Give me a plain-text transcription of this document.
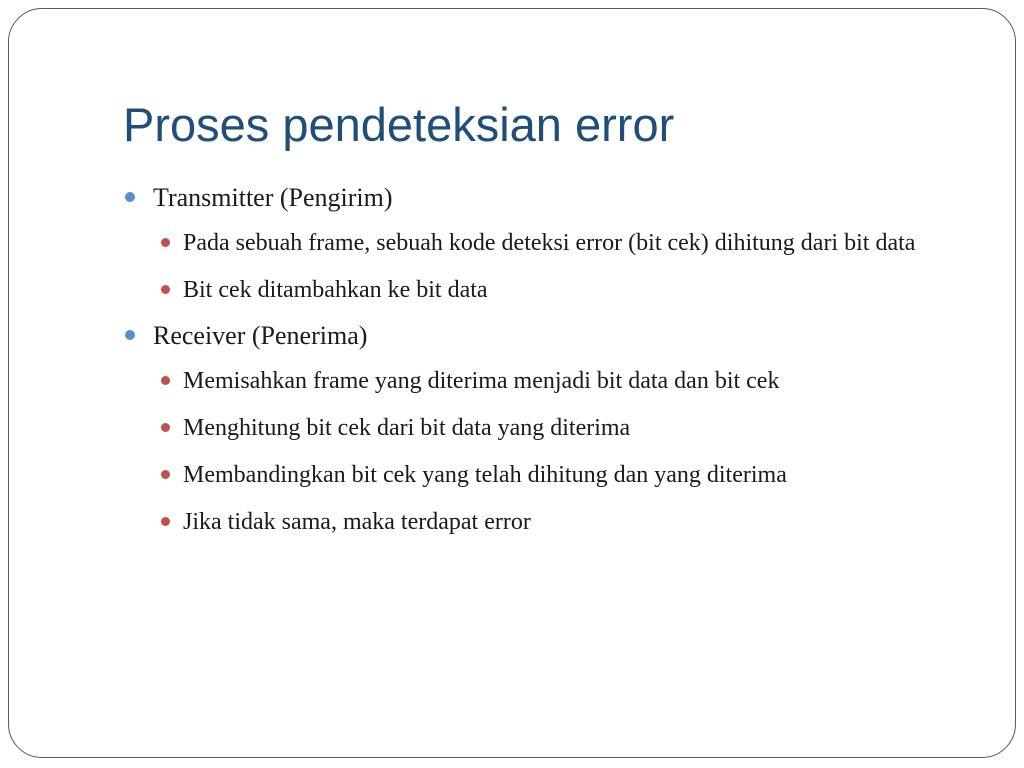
Proses pendeteksian error
Transmitter (Pengirim)
Pada sebuah frame, sebuah kode deteksi error (bit cek) dihitung dari bit data
Bit cek ditambahkan ke bit data
Receiver (Penerima)
Memisahkan frame yang diterima menjadi bit data dan bit cek
Menghitung bit cek dari bit data yang diterima
Membandingkan bit cek yang telah dihitung dan yang diterima
Jika tidak sama, maka terdapat error
